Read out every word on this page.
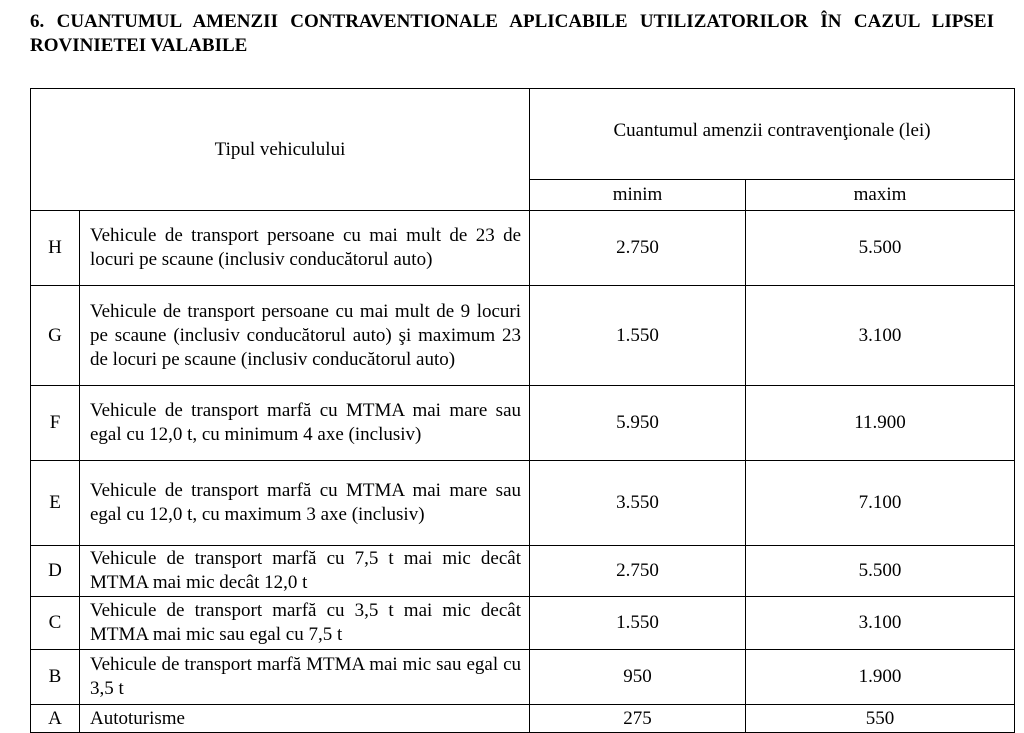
6. CUANTUMUL AMENZII CONTRAVENTIONALE APLICABILE UTILIZATORILOR ÎN CAZUL LIPSEI ROVINIETEI VALABILE
Tipul vehiculului		Cuantumul amenzii contravenţionale (lei)	
		minim	maxim
H	Vehicule de transport persoane cu mai mult de 23 de locuri pe scaune (inclusiv conducătorul auto)	2.750	5.500
G	Vehicule de transport persoane cu mai mult de 9 locuri pe scaune (inclusiv conducătorul auto) şi maximum 23 de locuri pe scaune (inclusiv conducătorul auto)	1.550	3.100
F	Vehicule de transport marfă cu MTMA mai mare sau egal cu 12,0 t, cu minimum 4 axe (inclusiv)	5.950	11.900
E	Vehicule de transport marfă cu MTMA mai mare sau egal cu 12,0 t, cu maximum 3 axe (inclusiv)	3.550	7.100
D	Vehicule de transport marfă cu 7,5 t mai mic decât MTMA mai mic decât 12,0 t	2.750	5.500
C	Vehicule de transport marfă cu 3,5 t mai mic decât MTMA mai mic sau egal cu 7,5 t	1.550	3.100
B	Vehicule de transport marfă MTMA mai mic sau egal cu 3,5 t	950	1.900
A	Autoturisme	275	550
